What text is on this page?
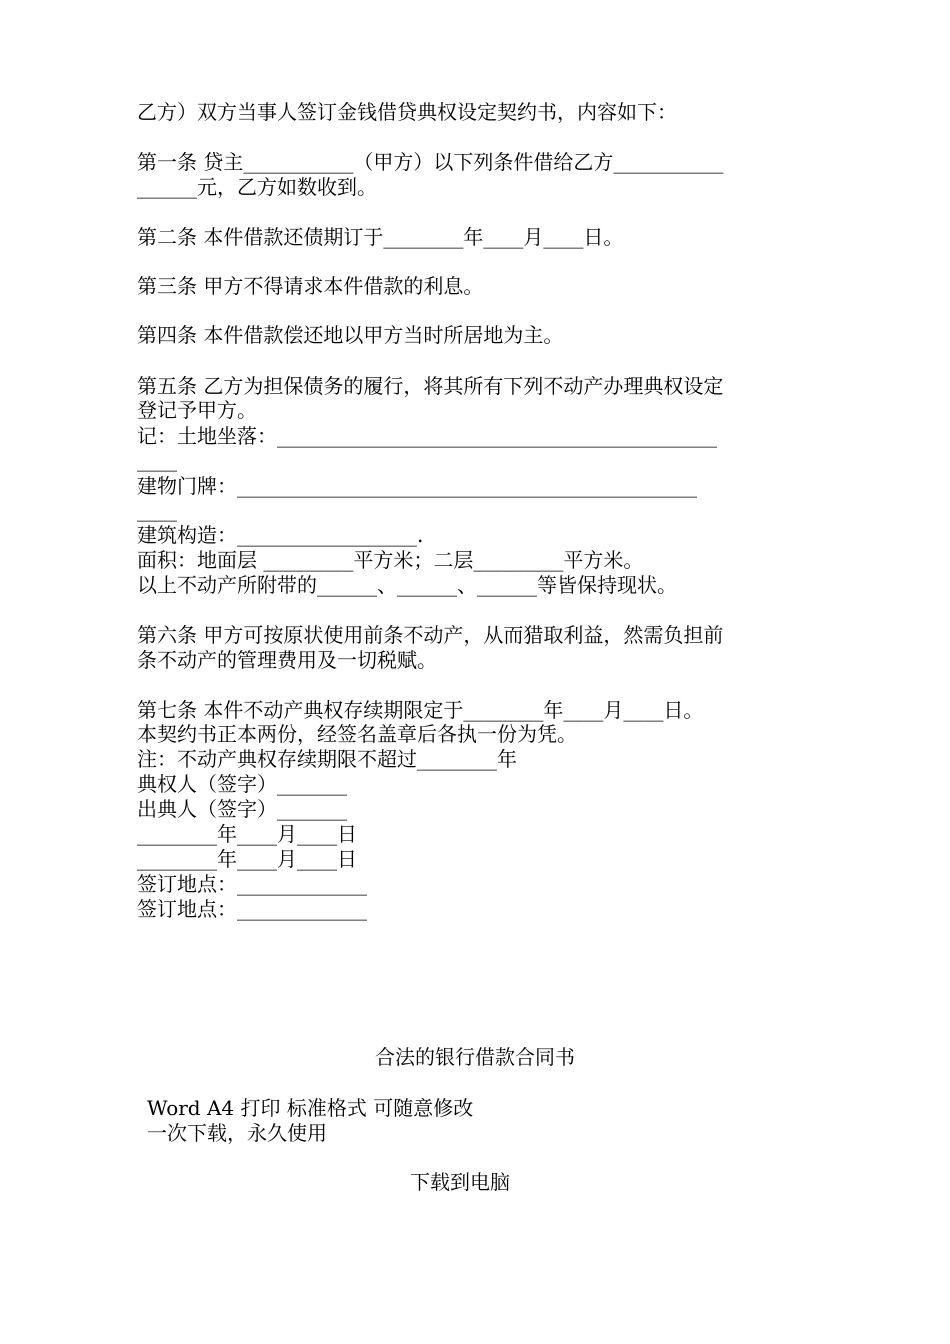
乙方）双方当事人签订金钱借贷典权设定契约书，内容如下：
第一条 贷主___________（甲方）以下列条件借给乙方___________
______元，乙方如数收到。
第二条 本件借款还债期订于________年____月____日。
第三条 甲方不得请求本件借款的利息。
第四条 本件借款偿还地以甲方当时所居地为主。
第五条 乙方为担保债务的履行，将其所有下列不动产办理典权设定
登记予甲方。
记：土地坐落：____________________________________________
____
建物门牌：______________________________________________
____
建筑构造：__________________.
面积：地面层 _________平方米；二层_________平方米。
以上不动产所附带的______、______、______等皆保持现状。
第六条 甲方可按原状使用前条不动产，从而猎取利益，然需负担前
条不动产的管理费用及一切税赋。
第七条 本件不动产典权存续期限定于________年____月____日。
本契约书正本两份，经签名盖章后各执一份为凭。
注：不动产典权存续期限不超过________年
典权人（签字）_______
出典人（签字）_______
________年____月____日
________年____月____日
签订地点：_____________
签订地点：_____________
合法的银行借款合同书
Word A4 打印 标准格式 可随意修改
一次下载，永久使用
下载到电脑
